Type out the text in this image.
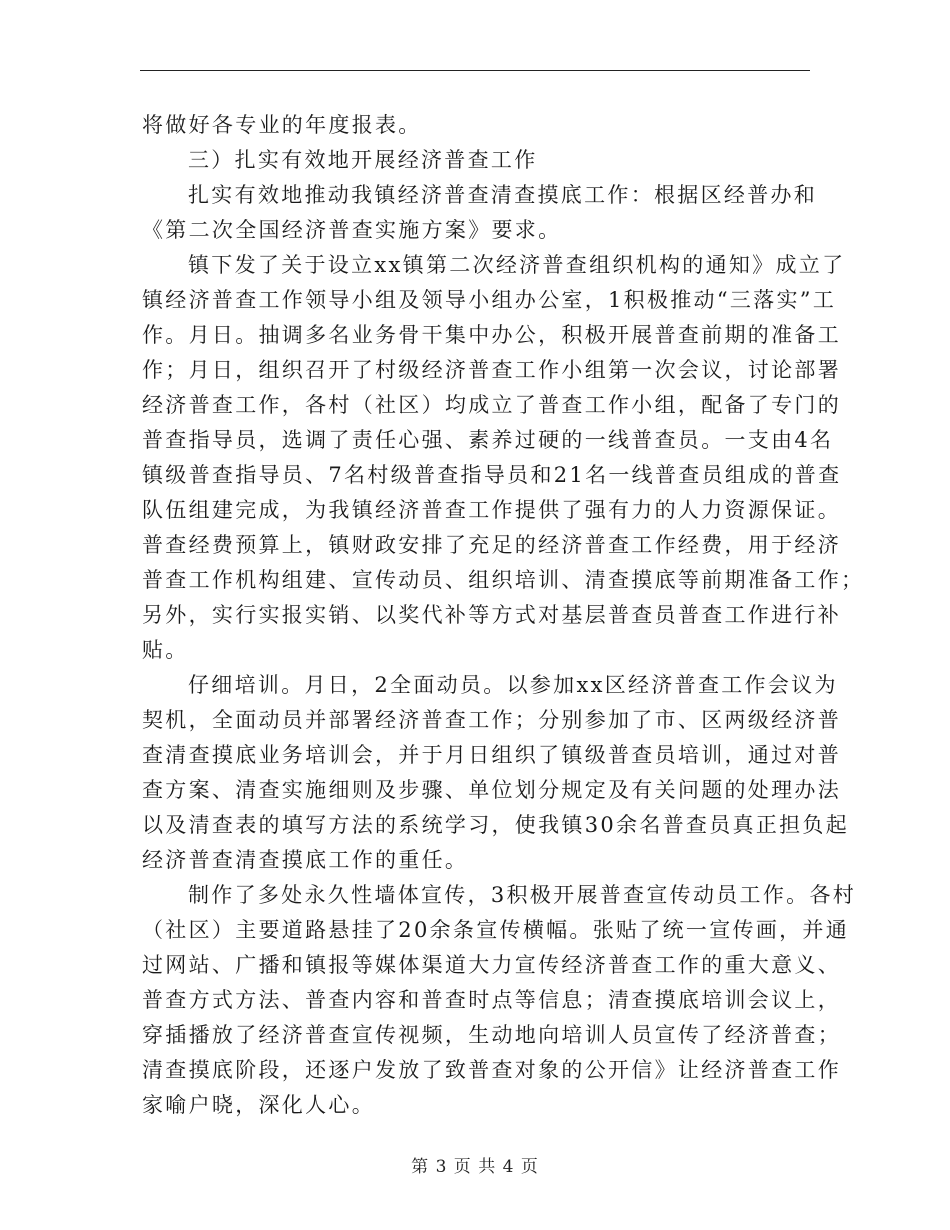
将做好各专业的年度报表。
三）扎实有效地开展经济普查工作
扎实有效地推动我镇经济普查清查摸底工作：根据区经普办和
《第二次全国经济普查实施方案》要求。
镇下发了关于设立xx镇第二次经济普查组织机构的通知》成立了
镇经济普查工作领导小组及领导小组办公室，1积极推动“三落实”工
作。月日。抽调多名业务骨干集中办公，积极开展普查前期的准备工
作；月日，组织召开了村级经济普查工作小组第一次会议，讨论部署
经济普查工作，各村（社区）均成立了普查工作小组，配备了专门的
普查指导员，选调了责任心强、素养过硬的一线普查员。一支由4名
镇级普查指导员、7名村级普查指导员和21名一线普查员组成的普查
队伍组建完成，为我镇经济普查工作提供了强有力的人力资源保证。
普查经费预算上，镇财政安排了充足的经济普查工作经费，用于经济
普查工作机构组建、宣传动员、组织培训、清查摸底等前期准备工作；
另外，实行实报实销、以奖代补等方式对基层普查员普查工作进行补
贴。
仔细培训。月日，2全面动员。以参加xx区经济普查工作会议为
契机，全面动员并部署经济普查工作；分别参加了市、区两级经济普
查清查摸底业务培训会，并于月日组织了镇级普查员培训，通过对普
查方案、清查实施细则及步骤、单位划分规定及有关问题的处理办法
以及清查表的填写方法的系统学习，使我镇30余名普查员真正担负起
经济普查清查摸底工作的重任。
制作了多处永久性墙体宣传，3积极开展普查宣传动员工作。各村
（社区）主要道路悬挂了20余条宣传横幅。张贴了统一宣传画，并通
过网站、广播和镇报等媒体渠道大力宣传经济普查工作的重大意义、
普查方式方法、普查内容和普查时点等信息；清查摸底培训会议上，
穿插播放了经济普查宣传视频，生动地向培训人员宣传了经济普查；
清查摸底阶段，还逐户发放了致普查对象的公开信》让经济普查工作
家喻户晓，深化人心。
第 3 页 共 4 页
